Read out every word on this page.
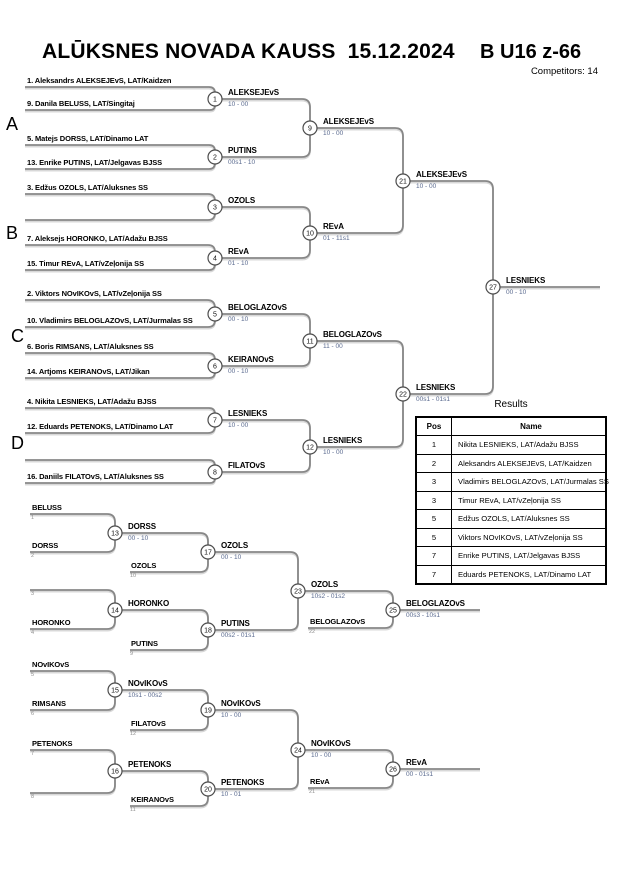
1
2
3
4
5
6
7
8
9
10
11
12
21
22
27
13
14
15
16
17
18
19
20
23
24
25
26
ALŪKSNES NOVADA KAUSS  15.12.2024 B U16 z-66
Competitors: 14
A
B
C
D
Results
Pos	Name
1	Nikita LESNIEKS, LAT/Adažu BJSS
2	Aleksandrs ALEKSEJEvS, LAT/Kaidzen
3	Vladimirs BELOGLAZOvS, LAT/Jurmalas SS
3	Timur REvA, LAT/vZeļonija SS
5	Edžus OZOLS, LAT/Aluksnes SS
5	Viktors NOvIKOvS, LAT/vZeļonija SS
7	Enrike PUTINS, LAT/Jelgavas BJSS
7	Eduards PETENOKS, LAT/Dinamo LAT
1. Aleksandrs ALEKSEJEvS, LAT/Kaidzen
9. Danila BELUSS, LAT/Singitaj
5. Matejs DORSS, LAT/Dinamo LAT
13. Enrike PUTINS, LAT/Jelgavas BJSS
3. Edžus OZOLS, LAT/Aluksnes SS
7. Aleksejs HORONKO, LAT/Adažu BJSS
15. Timur REvA, LAT/vZeļonija SS
2. Viktors NOvIKOvS, LAT/vZeļonija SS
10. Vladimirs BELOGLAZOvS, LAT/Jurmalas SS
6. Boris RIMSANS, LAT/Aluksnes SS
14. Artjoms KEIRANOvS, LAT/Jikan
4. Nikita LESNIEKS, LAT/Adažu BJSS
12. Eduards PETENOKS, LAT/Dinamo LAT
16. Daniils FILATOvS, LAT/Aluksnes SS
ALEKSEJEvS
10 - 00
PUTINS
00s1 - 10
OZOLS
REvA
01 - 10
BELOGLAZOvS
00 - 10
KEIRANOvS
00 - 10
LESNIEKS
10 - 00
FILATOvS
ALEKSEJEvS
10 - 00
REvA
01 - 11s1
BELOGLAZOvS
11 - 00
LESNIEKS
10 - 00
ALEKSEJEvS
10 - 00
LESNIEKS
00s1 - 01s1
LESNIEKS
00 - 10
BELUSS
1
DORSS
2
3
HORONKO
4
NOvIKOvS
5
RIMSANS
6
PETENOKS
7
8
OZOLS
10
PUTINS
9
FILATOvS
12
KEIRANOvS
11
BELOGLAZOvS
22
REvA
21
DORSS
00 - 10
HORONKO
NOvIKOvS
10s1 - 00s2
PETENOKS
OZOLS
00 - 10
PUTINS
00s2 - 01s1
NOvIKOvS
10 - 00
PETENOKS
10 - 01
OZOLS
10s2 - 01s2
NOvIKOvS
10 - 00
BELOGLAZOvS
00s3 - 10s1
REvA
00 - 01s1
